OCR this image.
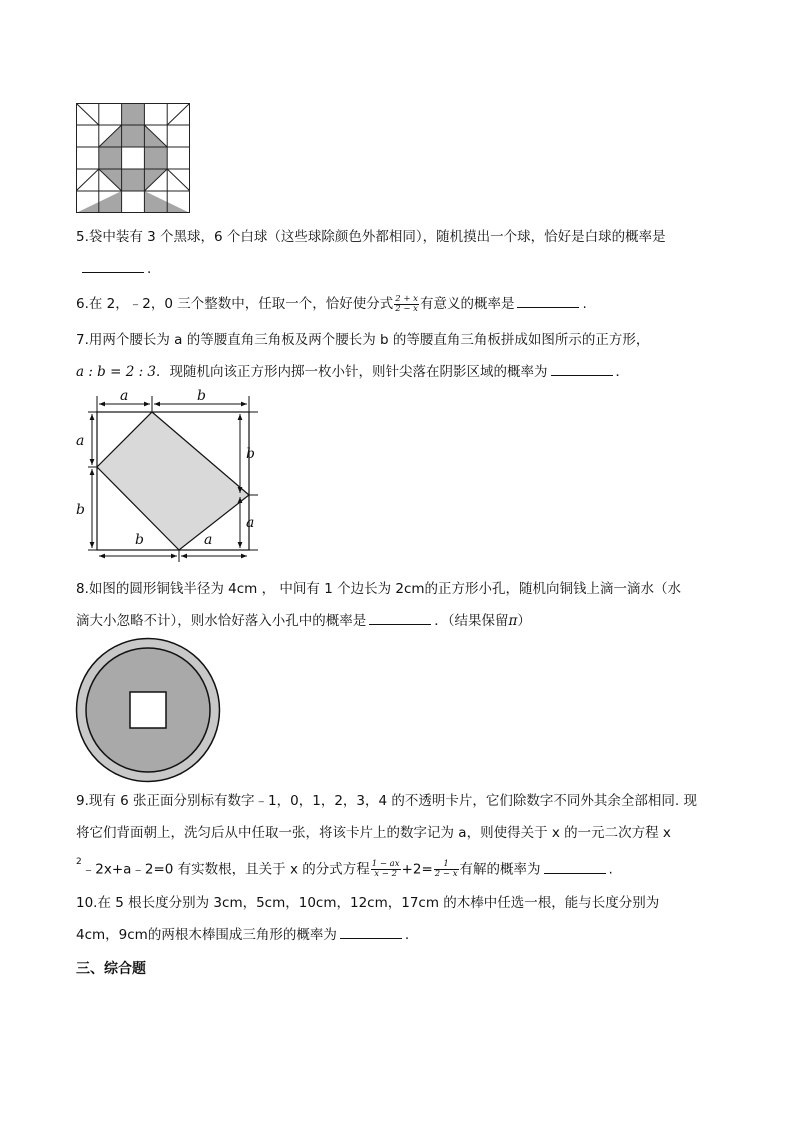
5.袋中装有 3 个黑球，6 个白球（这些球除颜色外都相同），随机摸出一个球，恰好是白球的概率是
.
6.在 2，﹣2，0 三个整数中，任取一个，恰好使分式 $\frac{2 + x}{2 - x}$ 有意义的概率是	.
7.用两个腰长为 a 的等腰直角三角板及两个腰长为 b 的等腰直角三角板拼成如图所示的正方形，
a : b = 2 : 3．现随机向该正方形内掷一枚小针，则针尖落在阴影区域的概率为	．
a	b
a
b
b
a
b	a
8.如图的圆形铜钱半径为 4cm ， 中间有 1 个边长为 2cm的正方形小孔，随机向铜钱上滴一滴水（水
滴大小忽略不计），则水恰好落入小孔中的概率是	．（结果保留π）
9.现有 6 张正面分别标有数字﹣1，0，1，2，3，4 的不透明卡片，它们除数字不同外其余全部相同. 现
将它们背面朝上，洗匀后从中任取一张，将该卡片上的数字记为 a，则使得关于 x 的一元二次方程 x
$^2$﹣2x+a﹣2=0 有实数根，且关于 x 的分式方程 $\frac{1 - ax}{x - 2} +2= \frac{1}{2 - x}$ 有解的概率为	.
10.在 5 根长度分别为 3cm，5cm，10cm，12cm，17cm 的木棒中任选一根，能与长度分别为
4cm，9cm的两根木棒围成三角形的概率为	.
三、综合题
